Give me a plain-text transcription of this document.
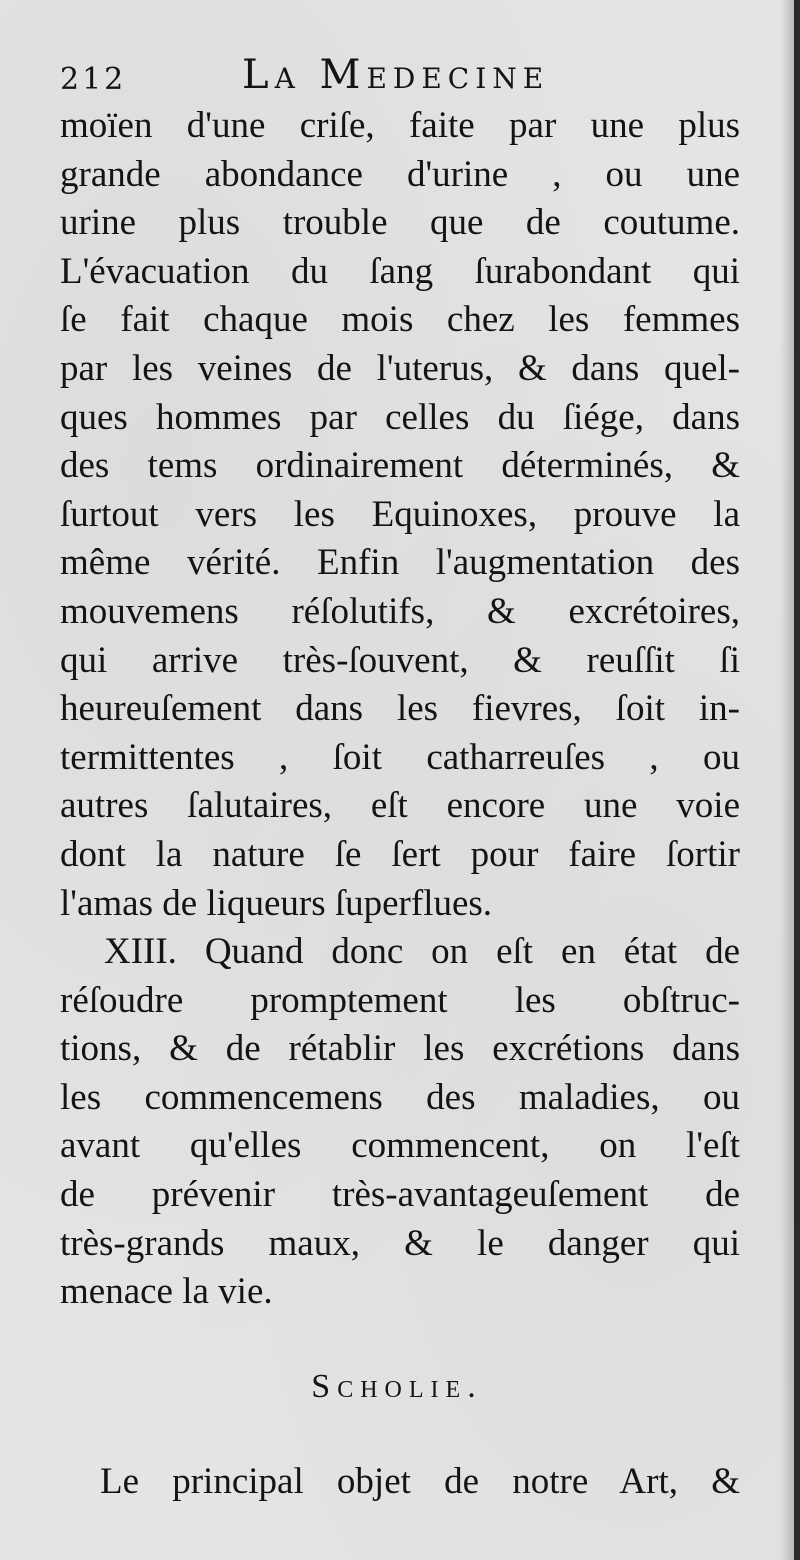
212	La Medecine
moïen d'une criſe, faite par une plus
grande abondance d'urine , ou une
urine plus trouble que de coutume.
L'évacuation du ſang ſurabondant qui
ſe fait chaque mois chez les femmes
par les veines de l'uterus, & dans quel-
ques hommes par celles du ſiége, dans
des tems ordinairement déterminés, &
ſurtout vers les Equinoxes, prouve la
même vérité. Enfin l'augmentation des
mouvemens réſolutifs, & excrétoires,
qui arrive très-ſouvent, & reuſſit ſi
heureuſement dans les fievres, ſoit in-
termittentes , ſoit catharreuſes , ou
autres ſalutaires, eſt encore une voie
dont la nature ſe ſert pour faire ſortir
l'amas de liqueurs ſuperflues.
XIII. Quand donc on eſt en état de
réſoudre promptement les obſtruc-
tions, & de rétablir les excrétions dans
les commencemens des maladies, ou
avant qu'elles commencent, on l'eſt
de prévenir très-avantageuſement de
très-grands maux, & le danger qui
menace la vie.
Scholie.
Le principal objet de notre Art, &
